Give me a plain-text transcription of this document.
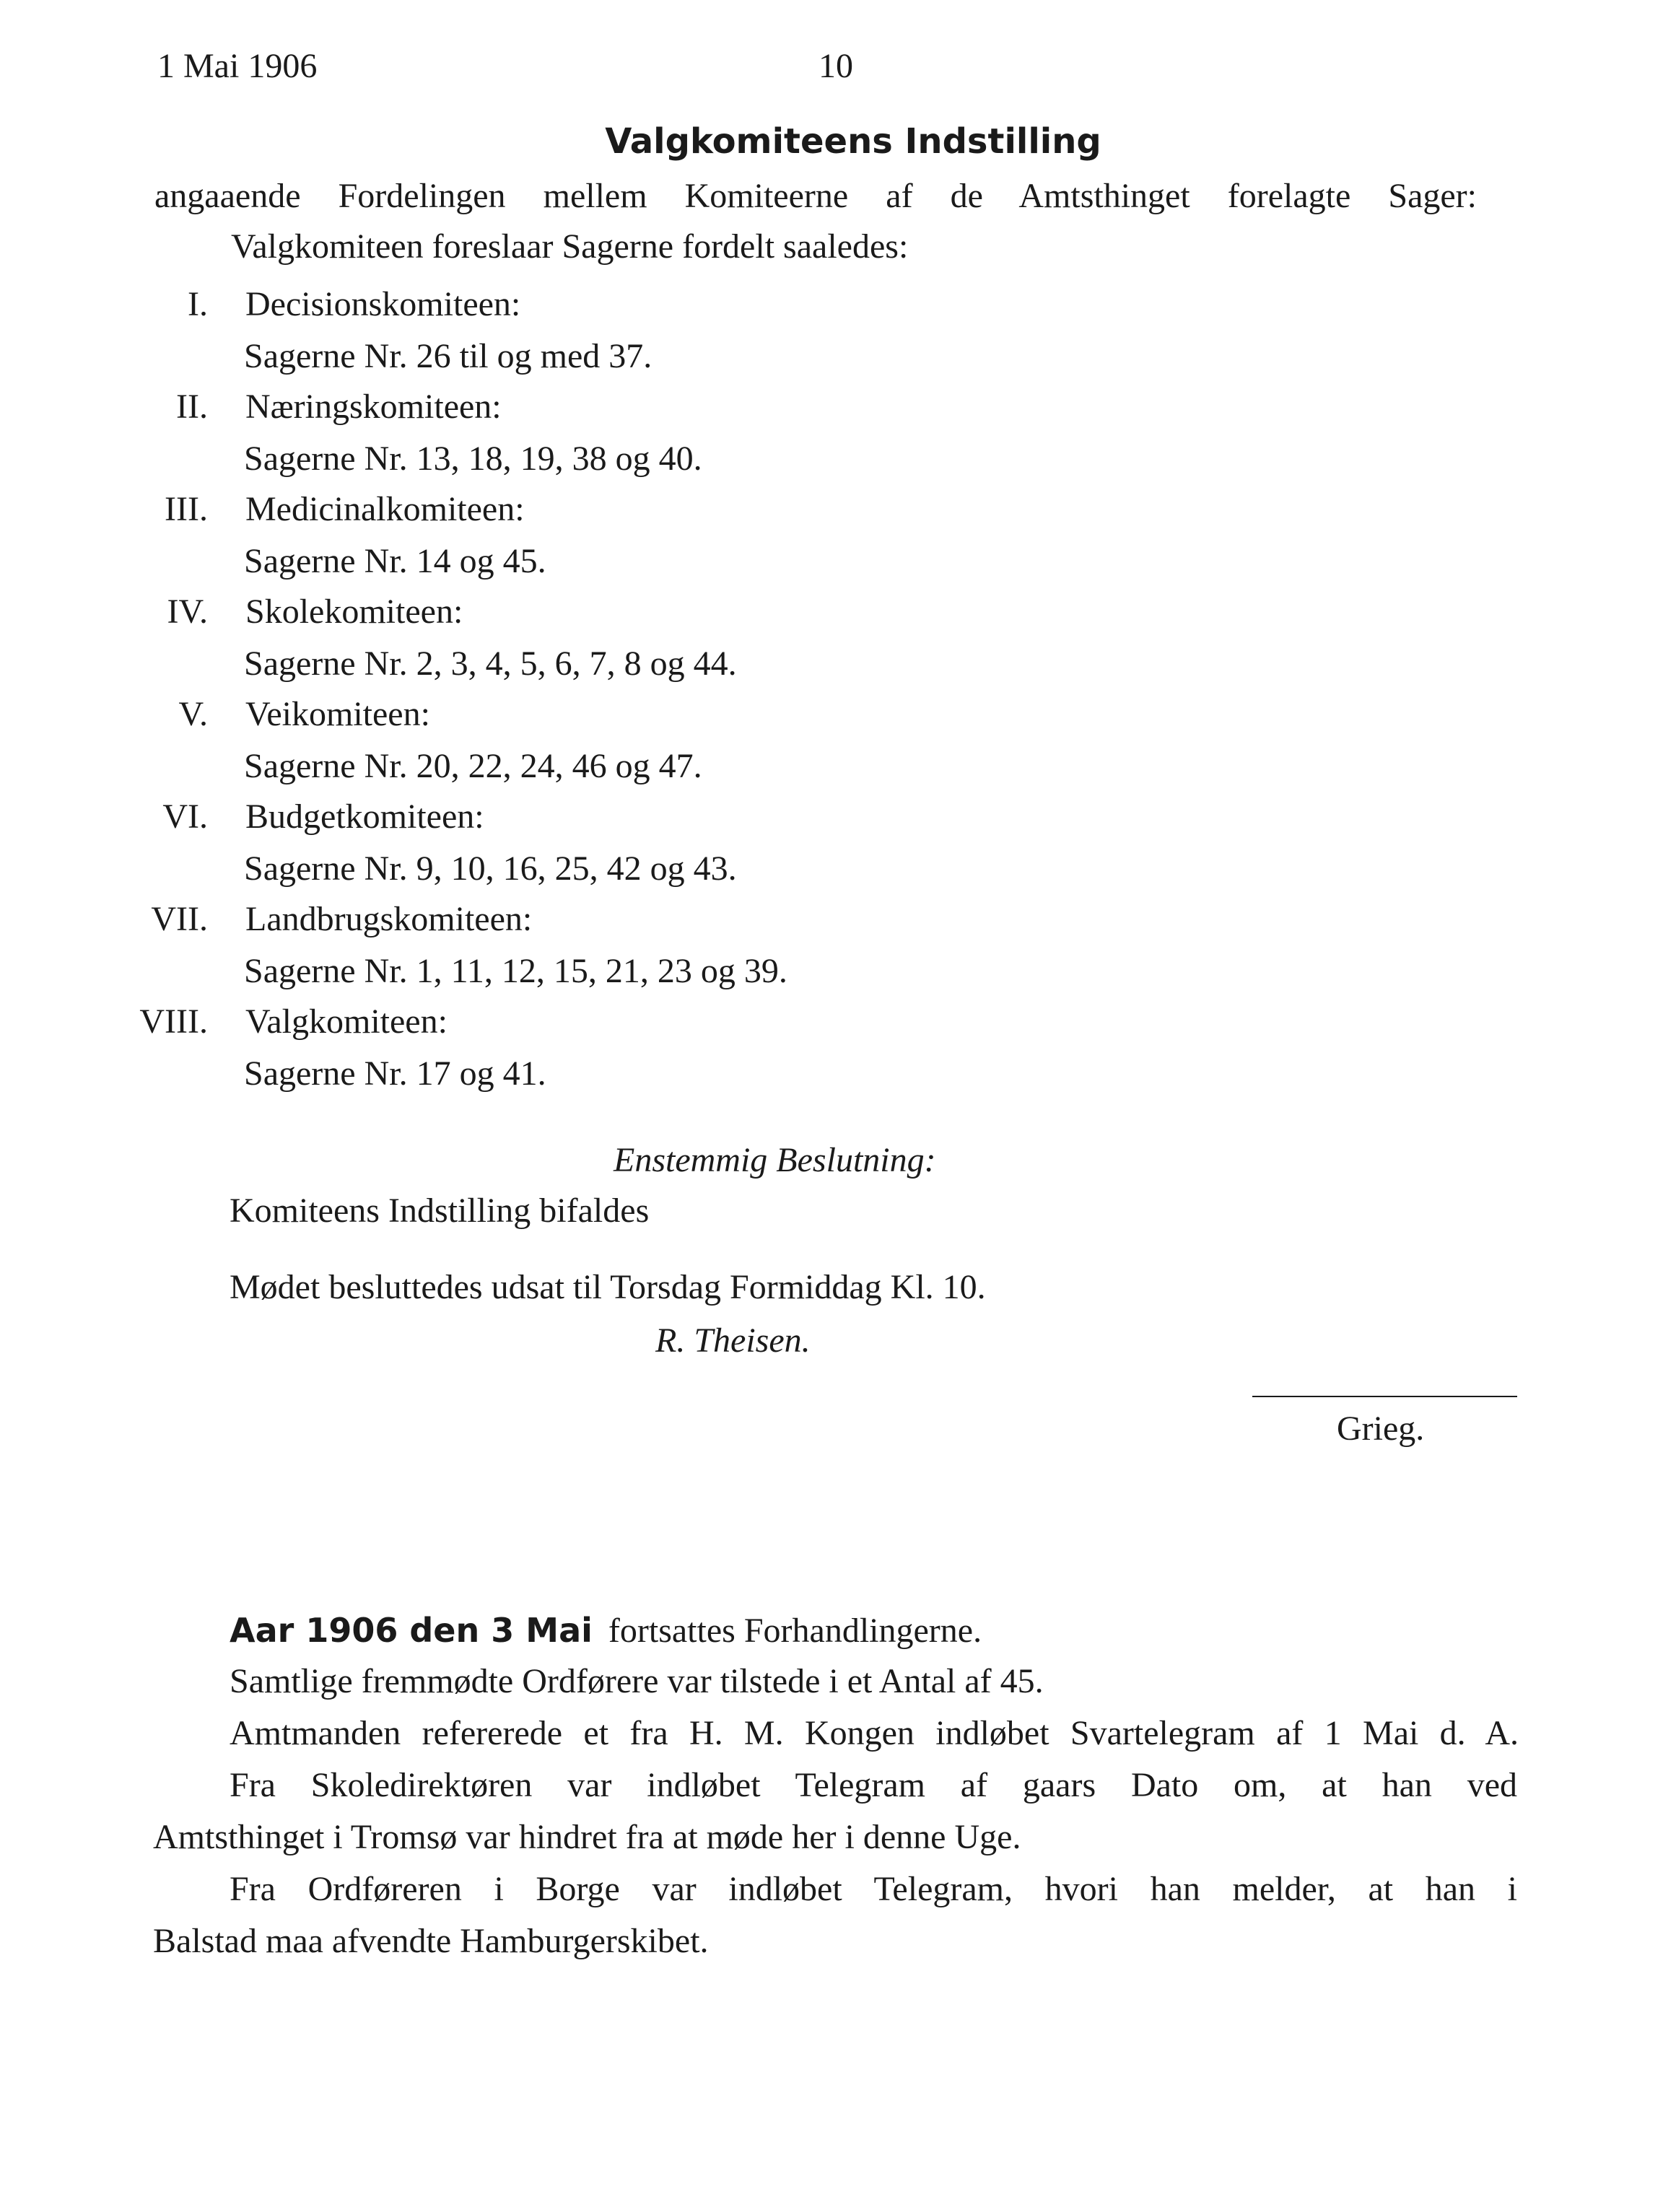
1 Mai 1906	10
Valgkomiteens Indstilling
angaaende Fordelingen mellem Komiteerne af de Amtsthinget forelagte Sager:
Valgkomiteen foreslaar Sagerne fordelt saaledes:
I. Decisionskomiteen:
Sagerne Nr. 26 til og med 37.
II. Næringskomiteen:
Sagerne Nr. 13, 18, 19, 38 og 40.
III. Medicinalkomiteen:
Sagerne Nr. 14 og 45.
IV. Skolekomiteen:
Sagerne Nr. 2, 3, 4, 5, 6, 7, 8 og 44.
V. Veikomiteen:
Sagerne Nr. 20, 22, 24, 46 og 47.
VI. Budgetkomiteen:
Sagerne Nr. 9, 10, 16, 25, 42 og 43.
VII. Landbrugskomiteen:
Sagerne Nr. 1, 11, 12, 15, 21, 23 og 39.
VIII. Valgkomiteen:
Sagerne Nr. 17 og 41.
Enstemmig Beslutning:
Komiteens Indstilling bifaldes
Mødet besluttedes udsat til Torsdag Formiddag Kl. 10.
R. Theisen.
Grieg.
Aar 1906 den 3 Mai fortsattes Forhandlingerne.
Samtlige fremmødte Ordførere var tilstede i et Antal af 45.
Amtmanden refererede et fra H. M. Kongen indløbet Svartelegram af 1 Mai d. A.
Fra Skoledirektøren var indløbet Telegram af gaars Dato om, at han ved
Amtsthinget i Tromsø var hindret fra at møde her i denne Uge.
Fra Ordføreren i Borge var indløbet Telegram, hvori han melder, at han i
Balstad maa afvendte Hamburgerskibet.
